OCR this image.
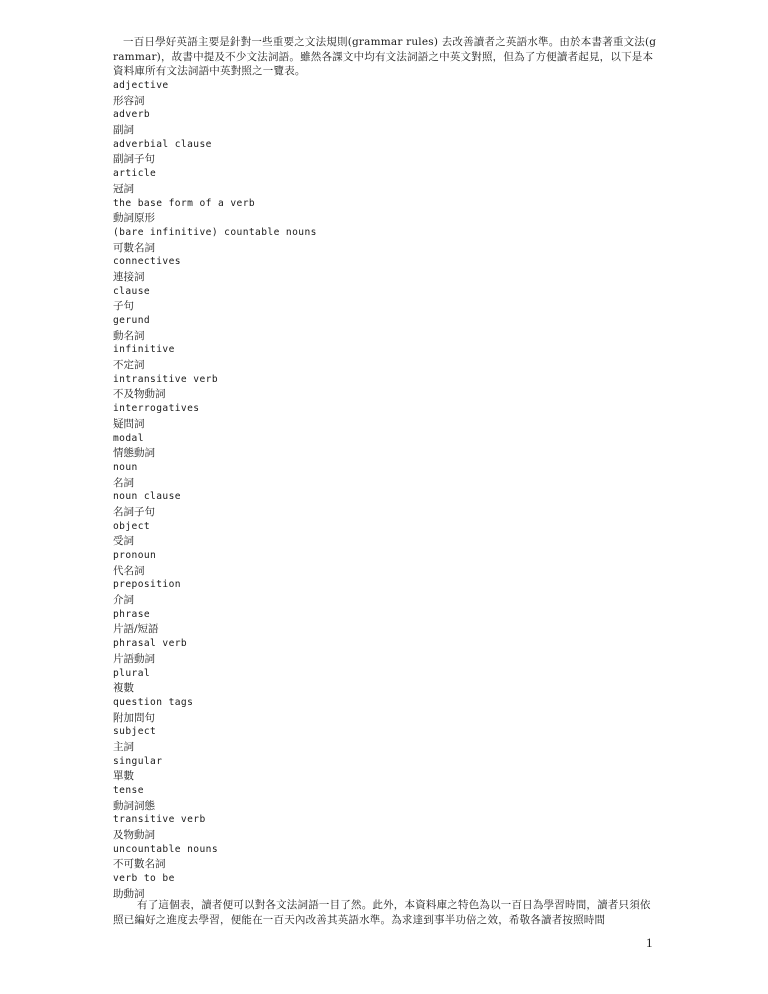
一百日學好英語主要是針對一些重要之文法規則(grammar rules) 去改善讀者之英語水準。由於本書著重文法(grammar)，故書中提及不少文法詞語。雖然各課文中均有文法詞語之中英文對照，但為了方便讀者起見，以下是本資料庫所有文法詞語中英對照之一覽表。

adjective
形容詞
adverb
副詞
adverbial clause
副詞子句
article
冠詞
the base form of a verb
動詞原形
(bare infinitive) countable nouns
可數名詞
connectives
連接詞
clause
子句
gerund
動名詞
infinitive
不定詞
intransitive verb
不及物動詞
interrogatives
疑問詞
modal
情態動詞
noun
名詞
noun clause
名詞子句
object
受詞
pronoun
代名詞
preposition
介詞
phrase
片語/短語
phrasal verb
片語動詞
plural
複數
question tags
附加問句
subject
主詞
singular
單數
tense
動詞詞態
transitive verb
及物動詞
uncountable nouns
不可數名詞
verb to be
助動詞

有了這個表，讀者便可以對各文法詞語一目了然。此外，本資料庫之特色為以一百日為學習時間，讀者只須依照已編好之進度去學習，便能在一百天內改善其英語水準。為求達到事半功倍之效，希敬各讀者按照時間

1
